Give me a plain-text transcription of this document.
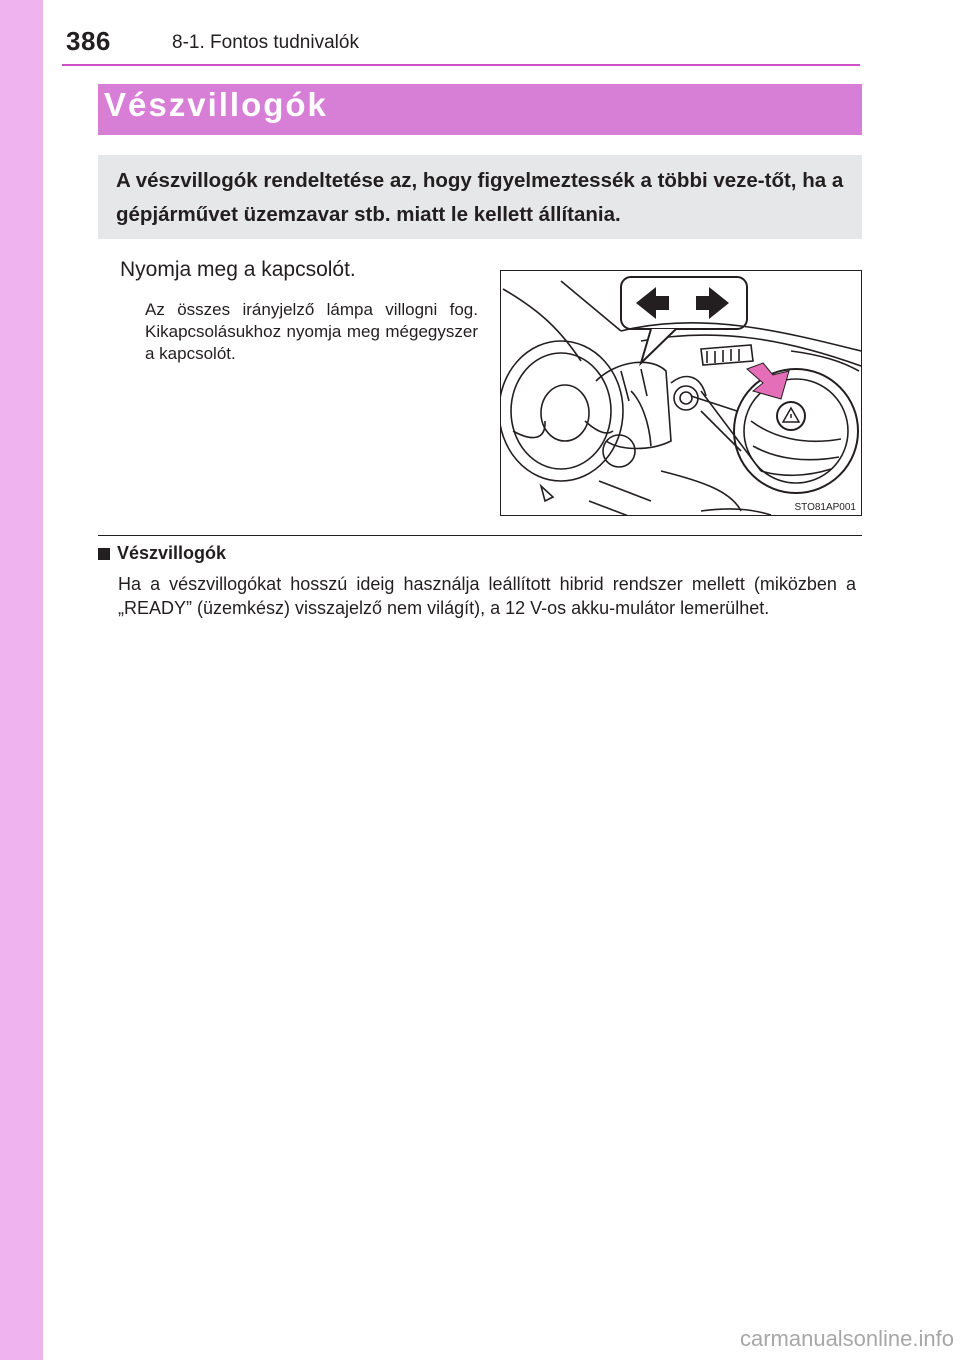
386	8-1. Fontos tudnivalók
Vészvillogók
A vészvillogók rendeltetése az, hogy figyelmeztessék a többi veze-tőt, ha a gépjárművet üzemzavar stb. miatt le kellett állítania.
Nyomja meg a kapcsolót.
Az összes irányjelző lámpa villogni fog. Kikapcsolásukhoz nyomja meg mégegyszer a kapcsolót.
STO81AP001
Vészvillogók
Ha a vészvillogókat hosszú ideig használja leállított hibrid rendszer mellett (miközben a „READY” (üzemkész) visszajelző nem világít), a 12 V-os akku-mulátor lemerülhet.
carmanualsonline.info
